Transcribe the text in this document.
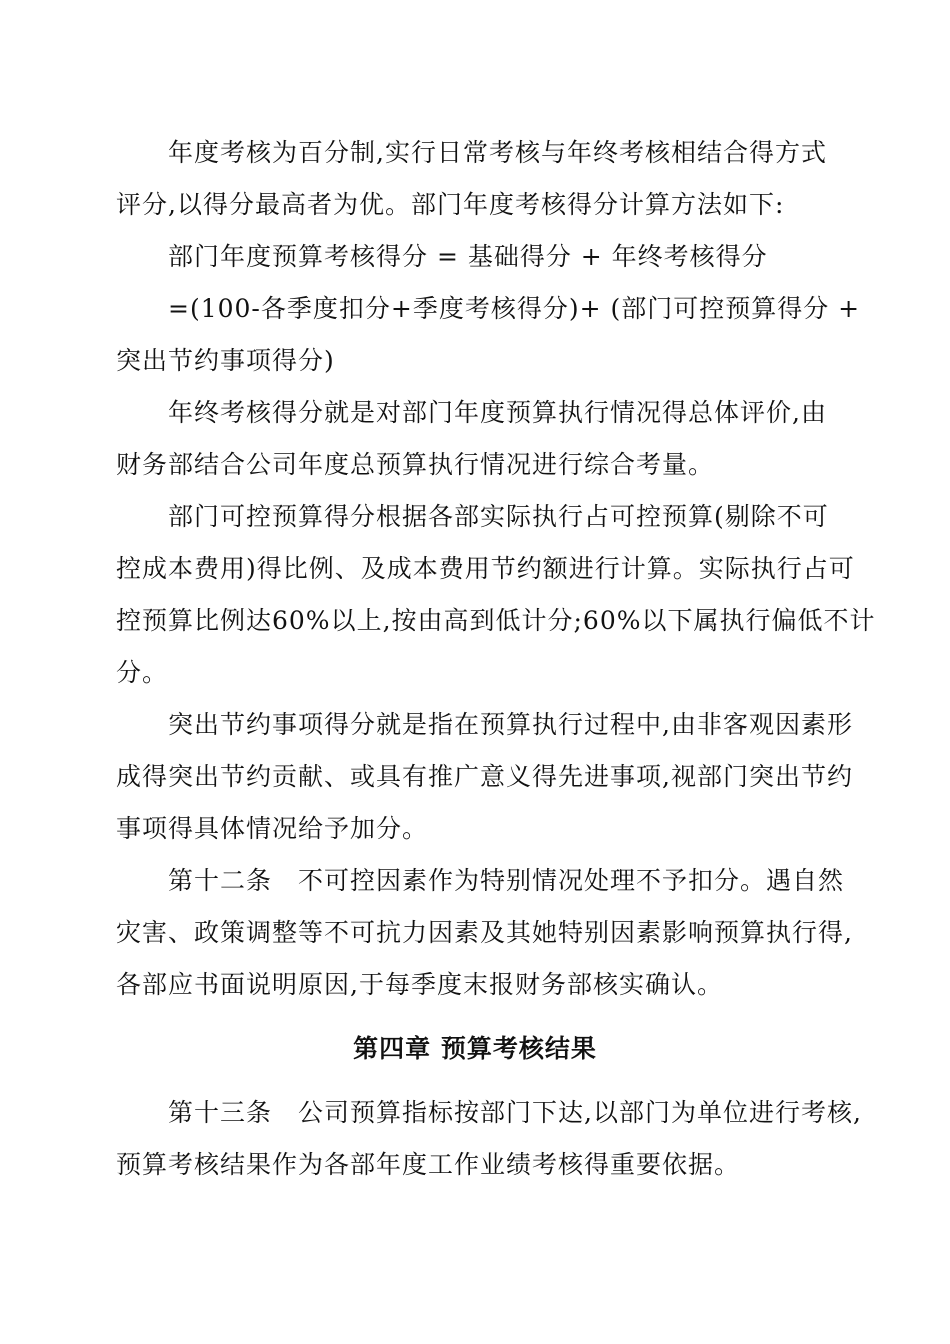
年度考核为百分制,实行日常考核与年终考核相结合得方式
评分,以得分最高者为优。部门年度考核得分计算方法如下:
部门年度预算考核得分 = 基础得分 + 年终考核得分
=(100-各季度扣分+季度考核得分)+ (部门可控预算得分 +
突出节约事项得分)
年终考核得分就是对部门年度预算执行情况得总体评价,由
财务部结合公司年度总预算执行情况进行综合考量。
部门可控预算得分根据各部实际执行占可控预算(剔除不可
控成本费用)得比例、及成本费用节约额进行计算。实际执行占可
控预算比例达60%以上,按由高到低计分;60%以下属执行偏低不计
分。
突出节约事项得分就是指在预算执行过程中,由非客观因素形
成得突出节约贡献、或具有推广意义得先进事项,视部门突出节约
事项得具体情况给予加分。
第十二条　不可控因素作为特别情况处理不予扣分。遇自然
灾害、政策调整等不可抗力因素及其她特别因素影响预算执行得,
各部应书面说明原因,于每季度末报财务部核实确认。
第四章 预算考核结果
第十三条　公司预算指标按部门下达,以部门为单位进行考核,
预算考核结果作为各部年度工作业绩考核得重要依据。
